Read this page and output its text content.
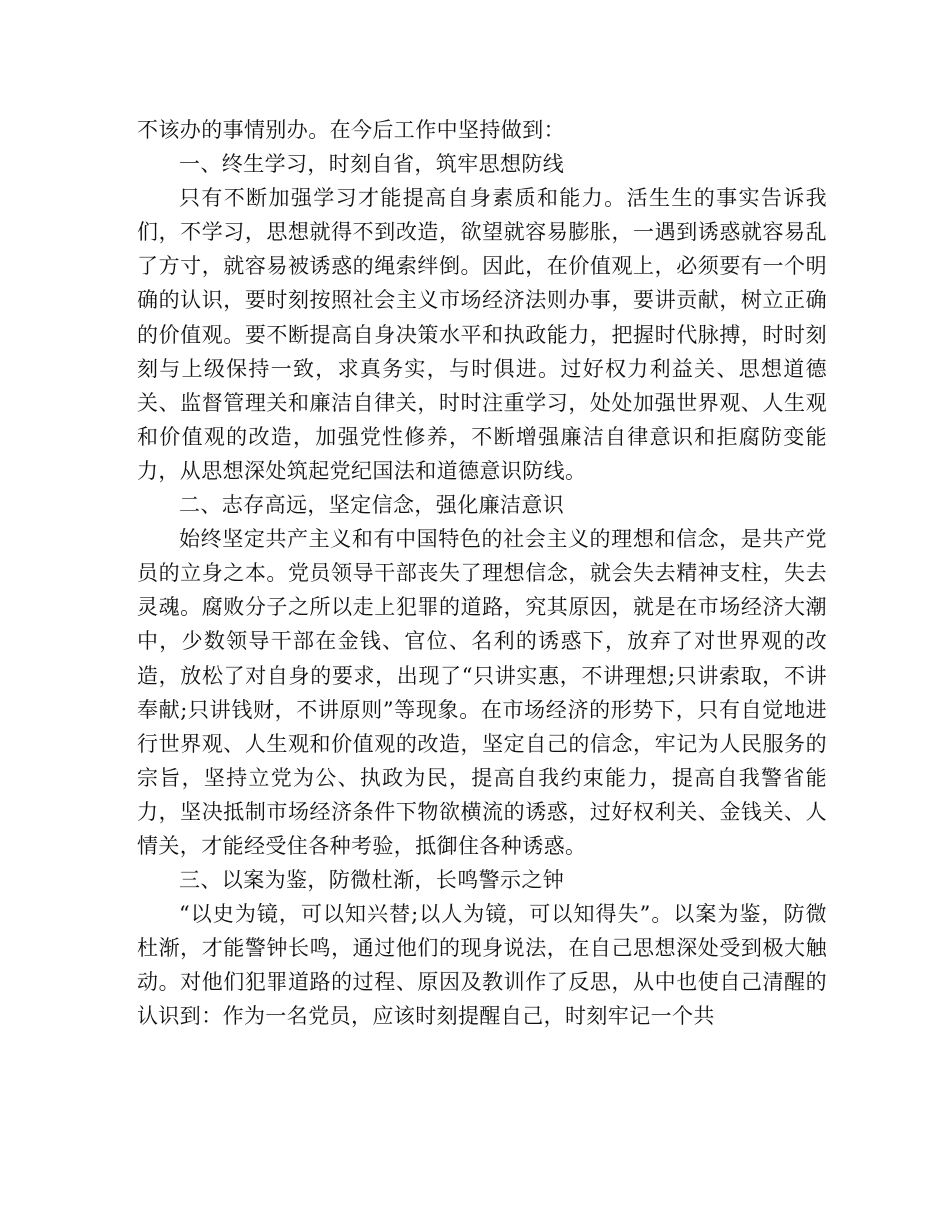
不该办的事情别办。在今后工作中坚持做到：

一、终生学习，时刻自省，筑牢思想防线

只有不断加强学习才能提高自身素质和能力。活生生的事实告诉我们，不学习，思想就得不到改造，欲望就容易膨胀，一遇到诱惑就容易乱了方寸，就容易被诱惑的绳索绊倒。因此，在价值观上，必须要有一个明确的认识，要时刻按照社会主义市场经济法则办事，要讲贡献，树立正确的价值观。要不断提高自身决策水平和执政能力，把握时代脉搏，时时刻刻与上级保持一致，求真务实，与时俱进。过好权力利益关、思想道德关、监督管理关和廉洁自律关，时时注重学习，处处加强世界观、人生观和价值观的改造，加强党性修养，不断增强廉洁自律意识和拒腐防变能力，从思想深处筑起党纪国法和道德意识防线。

二、志存高远，坚定信念，强化廉洁意识

始终坚定共产主义和有中国特色的社会主义的理想和信念，是共产党员的立身之本。党员领导干部丧失了理想信念，就会失去精神支柱，失去灵魂。腐败分子之所以走上犯罪的道路，究其原因，就是在市场经济大潮中，少数领导干部在金钱、官位、名利的诱惑下，放弃了对世界观的改造，放松了对自身的要求，出现了“只讲实惠，不讲理想;只讲索取，不讲奉献;只讲钱财，不讲原则”等现象。在市场经济的形势下，只有自觉地进行世界观、人生观和价值观的改造，坚定自己的信念，牢记为人民服务的宗旨，坚持立党为公、执政为民，提高自我约束能力，提高自我警省能力，坚决抵制市场经济条件下物欲横流的诱惑，过好权利关、金钱关、人情关，才能经受住各种考验，抵御住各种诱惑。

三、以案为鉴，防微杜渐，长鸣警示之钟

“以史为镜，可以知兴替;以人为镜，可以知得失”。以案为鉴，防微杜渐，才能警钟长鸣，通过他们的现身说法，在自己思想深处受到极大触动。对他们犯罪道路的过程、原因及教训作了反思，从中也使自己清醒的认识到：作为一名党员，应该时刻提醒自己，时刻牢记一个共
